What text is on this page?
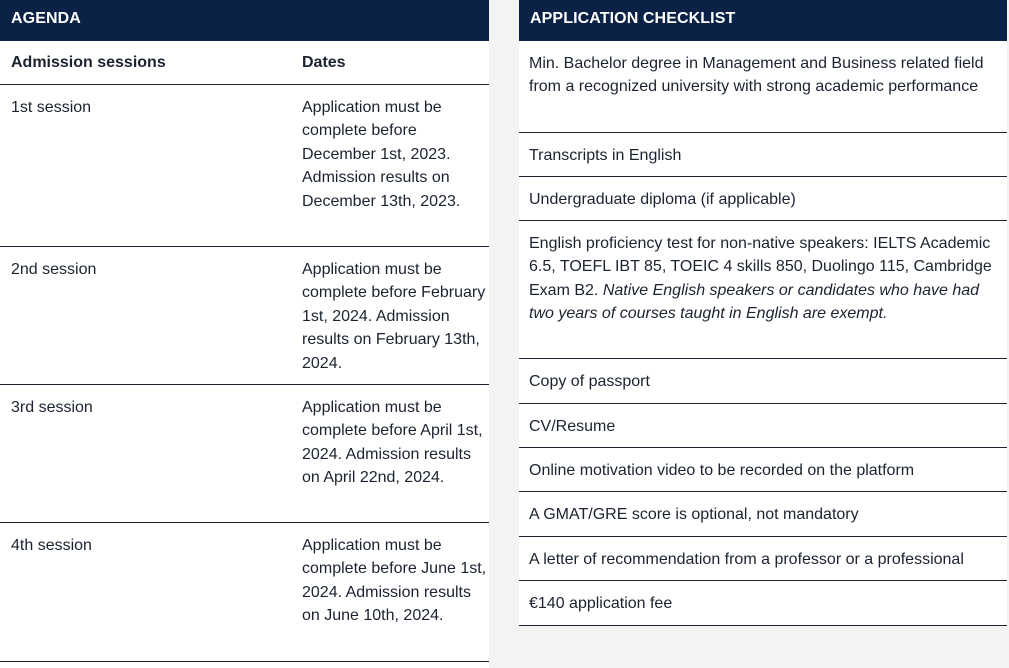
AGENDA
Admission sessions	Dates
1st session	Application must be complete before December 1st, 2023. Admission results on December 13th, 2023.
2nd session	Application must be complete before February 1st, 2024. Admission results on February 13th, 2024.
3rd session	Application must be complete before April 1st, 2024. Admission results on April 22nd, 2024.
4th session	Application must be complete before June 1st, 2024. Admission results on June 10th, 2024.
APPLICATION CHECKLIST
Min. Bachelor degree in Management and Business related field from a recognized university with strong academic performance
Transcripts in English
Undergraduate diploma (if applicable)
English proficiency test for non-native speakers: IELTS Academic 6.5, TOEFL IBT 85, TOEIC 4 skills 850, Duolingo 115, Cambridge Exam B2. Native English speakers or candidates who have had two years of courses taught in English are exempt.
Copy of passport
CV/Resume
Online motivation video to be recorded on the platform
A GMAT/GRE score is optional, not mandatory
A letter of recommendation from a professor or a professional
€140 application fee
